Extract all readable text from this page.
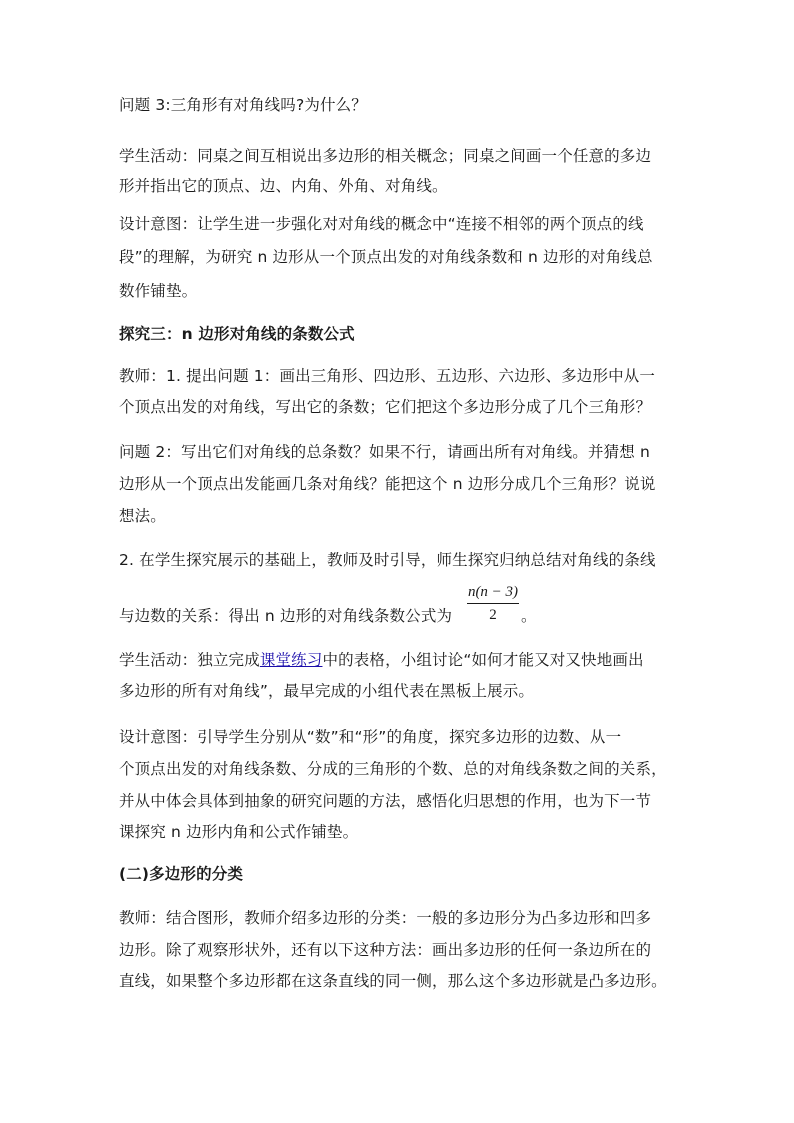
问题 3:三角形有对角线吗?为什么？
学生活动：同桌之间互相说出多边形的相关概念；同桌之间画一个任意的多边
形并指出它的顶点、边、内角、外角、对角线。
设计意图：让学生进一步强化对对角线的概念中“连接不相邻的两个顶点的线
段”的理解，为研究 n 边形从一个顶点出发的对角线条数和 n 边形的对角线总
数作铺垫。
探究三：n 边形对角线的条数公式
教师：1. 提出问题 1：画出三角形、四边形、五边形、六边形、多边形中从一
个顶点出发的对角线，写出它的条数；它们把这个多边形分成了几个三角形？
问题 2：写出它们对角线的总条数？如果不行，请画出所有对角线。并猜想 n
边形从一个顶点出发能画几条对角线？能把这个 n 边形分成几个三角形？说说
想法。
2. 在学生探究展示的基础上，教师及时引导，师生探究归纳总结对角线的条线
与边数的关系：得出 n 边形的对角线条数公式为
n(n − 3)
2	。
学生活动：独立完成课堂练习中的表格，小组讨论“如何才能又对又快地画出
多边形的所有对角线”，最早完成的小组代表在黑板上展示。
设计意图：引导学生分别从“数”和“形”的角度，探究多边形的边数、从一
个顶点出发的对角线条数、分成的三角形的个数、总的对角线条数之间的关系，
并从中体会具体到抽象的研究问题的方法，感悟化归思想的作用，也为下一节
课探究 n 边形内角和公式作铺垫。
(二)多边形的分类
教师：结合图形，教师介绍多边形的分类：一般的多边形分为凸多边形和凹多
边形。除了观察形状外，还有以下这种方法：画出多边形的任何一条边所在的
直线，如果整个多边形都在这条直线的同一侧，那么这个多边形就是凸多边形。
